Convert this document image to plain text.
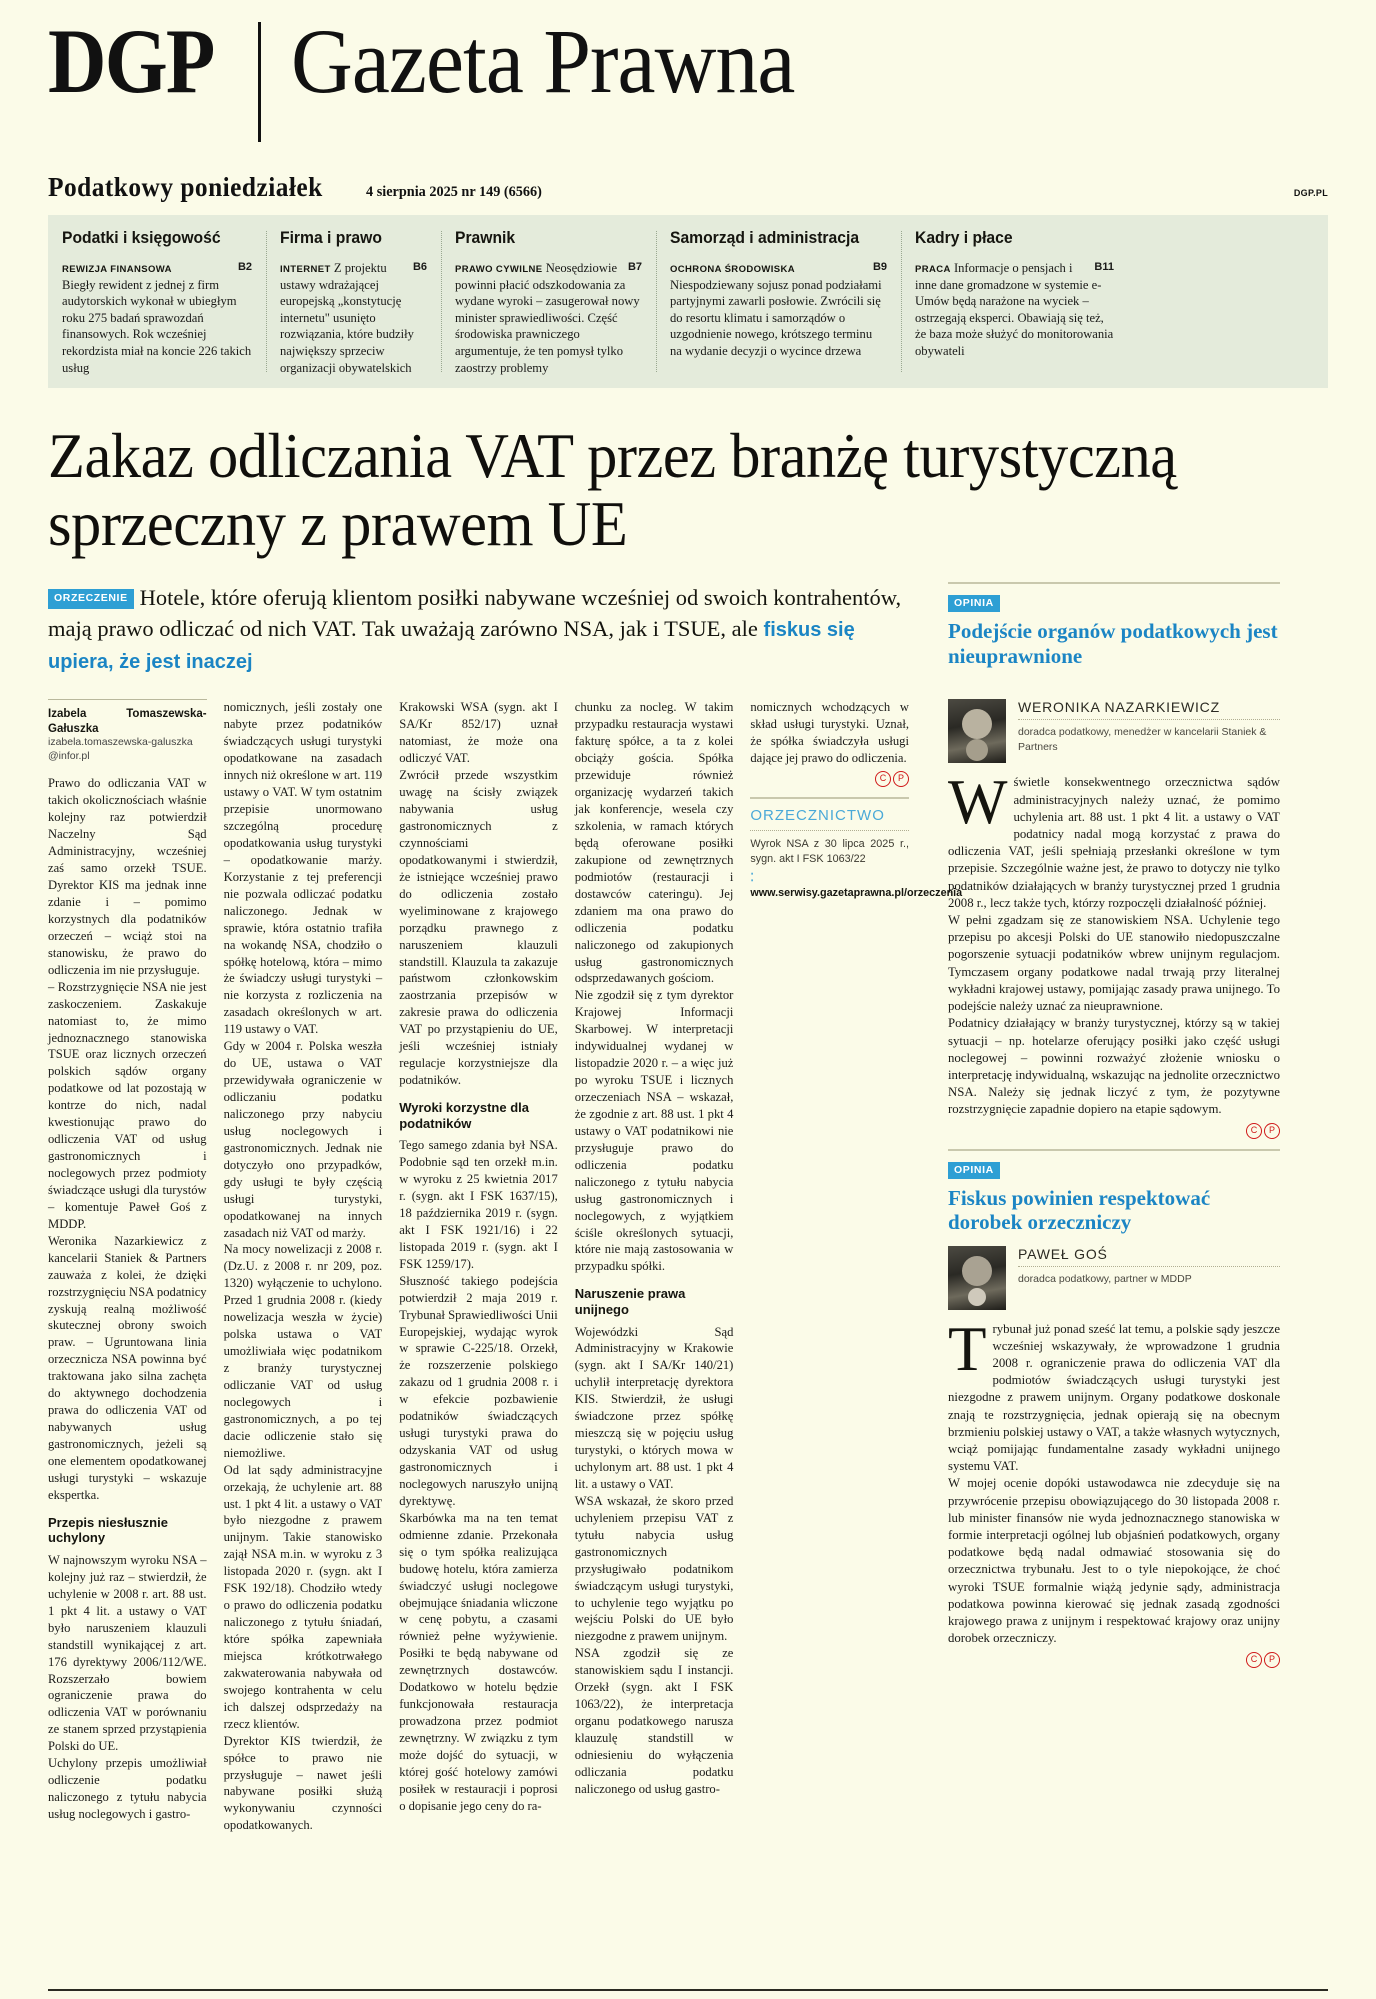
DGP Gazeta Prawna
Podatkowy poniedziałek	4 sierpnia 2025 nr 149 (6566)	DGP.PL
Podatki i księgowość
B2
REWIZJA FINANSOWA
Biegły rewident z jednej z firm audytorskich wykonał w ubiegłym roku 275 badań sprawozdań finansowych. Rok wcześniej rekordzista miał na koncie 226 takich usług
Firma i prawo
B6
INTERNET Z projektu ustawy wdrażającej europejską „konstytucję internetu" usunięto rozwiązania, które budziły największy sprzeciw organizacji obywatelskich
Prawnik
B7
PRAWO CYWILNE Neosędziowie powinni płacić odszkodowania za wydane wyroki – zasugerował nowy minister sprawiedliwości. Część środowiska prawniczego argumentuje, że ten pomysł tylko zaostrzy problemy
Samorząd i administracja
B9
OCHRONA ŚRODOWISKA Niespodziewany sojusz ponad podziałami partyjnymi zawarli posłowie. Zwrócili się do resortu klimatu i samorządów o uzgodnienie nowego, krótszego terminu na wydanie decyzji o wycince drzewa
Kadry i płace
B11
PRACA Informacje o pensjach i inne dane gromadzone w systemie e-Umów będą narażone na wyciek – ostrzegają eksperci. Obawiają się też, że baza może służyć do monitorowania obywateli
Zakaz odliczania VAT przez branżę turystyczną sprzeczny z prawem UE
ORZECZENIE Hotele, które oferują klientom posiłki nabywane wcześniej od swoich kontrahentów, mają prawo odliczać od nich VAT. Tak uważają zarówno NSA, jak i TSUE, ale fiskus się upiera, że jest inaczej
OPINIA
Podejście organów podatkowych jest nieuprawnione
Izabela Tomaszewska-Gałuszka
izabela.tomaszewska-galuszka @infor.pl

Prawo do odliczania VAT w takich okolicznościach właśnie kolejny raz potwierdził Naczelny Sąd Administracyjny, wcześniej zaś samo orzekł TSUE. Dyrektor KIS ma jednak inne zdanie i – pomimo korzystnych dla podatników orzeczeń – wciąż stoi na stanowisku, że prawo do odliczenia im nie przysługuje.

– Rozstrzygnięcie NSA nie jest zaskoczeniem. Zaskakuje natomiast to, że mimo jednoznacznego stanowiska TSUE oraz licznych orzeczeń polskich sądów organy podatkowe od lat pozostają w kontrze do nich, nadal kwestionując prawo do odliczenia VAT od usług gastronomicznych i noclegowych przez podmioty świadczące usługi dla turystów – komentuje Paweł Goś z MDDP.

Weronika Nazarkiewicz z kancelarii Staniek & Partners zauważa z kolei, że dzięki rozstrzygnięciu NSA podatnicy zyskują realną możliwość skutecznej obrony swoich praw. – Ugruntowana linia orzecznicza NSA powinna być traktowana jako silna zachęta do aktywnego dochodzenia prawa do odliczenia VAT od nabywanych usług gastronomicznych, jeżeli są one elementem opodatkowanej usługi turystyki – wskazuje ekspertka.

Przepis niesłusznie uchylony

W najnowszym wyroku NSA – kolejny już raz – stwierdził, że uchylenie w 2008 r. art. 88 ust. 1 pkt 4 lit. a ustawy o VAT było naruszeniem klauzuli standstill wynikającej z art. 176 dyrektywy 2006/112/WE. Rozszerzało bowiem ograniczenie prawa do odliczenia VAT w porównaniu ze stanem sprzed przystąpienia Polski do UE.

Uchylony przepis umożliwiał odliczenie podatku naliczonego z tytułu nabycia usług noclegowych i gastro-

nomicznych, jeśli zostały one nabyte przez podatników świadczących usługi turystyki opodatkowane na zasadach innych niż określone w art. 119 ustawy o VAT. W tym ostatnim przepisie unormowano szczególną procedurę opodatkowania usług turystyki – opodatkowanie marży. Korzystanie z tej preferencji nie pozwala odliczać podatku naliczonego. Jednak w sprawie, która ostatnio trafiła na wokandę NSA, chodziło o spółkę hotelową, która – mimo że świadczy usługi turystyki – nie korzysta z rozliczenia na zasadach określonych w art. 119 ustawy o VAT.

Gdy w 2004 r. Polska weszła do UE, ustawa o VAT przewidywała ograniczenie w odliczaniu podatku naliczonego przy nabyciu usług noclegowych i gastronomicznych. Jednak nie dotyczyło ono przypadków, gdy usługi te były częścią usługi turystyki, opodatkowanej na innych zasadach niż VAT od marży.

Na mocy nowelizacji z 2008 r. (Dz.U. z 2008 r. nr 209, poz. 1320) wyłączenie to uchylono. Przed 1 grudnia 2008 r. (kiedy nowelizacja weszła w życie) polska ustawa o VAT umożliwiała więc podatnikom z branży turystycznej odliczanie VAT od usług noclegowych i gastronomicznych, a po tej dacie odliczenie stało się niemożliwe.

Od lat sądy administracyjne orzekają, że uchylenie art. 88 ust. 1 pkt 4 lit. a ustawy o VAT było niezgodne z prawem unijnym. Takie stanowisko zajął NSA m.in. w wyroku z 3 listopada 2020 r. (sygn. akt I FSK 192/18). Chodziło wtedy o prawo do odliczenia podatku naliczonego z tytułu śniadań, które spółka zapewniała miejsca krótkotrwałego zakwaterowania nabywała od swojego kontrahenta w celu ich dalszej odsprzedaży na rzecz klientów.

Dyrektor KIS twierdził, że spółce to prawo nie przysługuje – nawet jeśli nabywane posiłki służą wykonywaniu czynności opodatkowanych.

Krakowski WSA (sygn. akt I SA/Kr 852/17) uznał natomiast, że może ona odliczyć VAT.

Zwrócił przede wszystkim uwagę na ścisły związek nabywania usług gastronomicznych z czynnościami opodatkowanymi i stwierdził, że istniejące wcześniej prawo do odliczenia zostało wyeliminowane z krajowego porządku prawnego z naruszeniem klauzuli standstill. Klauzula ta zakazuje państwom członkowskim zaostrzania przepisów w zakresie prawa do odliczenia VAT po przystąpieniu do UE, jeśli wcześniej istniały regulacje korzystniejsze dla podatników.

Wyroki korzystne dla podatników

Tego samego zdania był NSA. Podobnie sąd ten orzekł m.in. w wyroku z 25 kwietnia 2017 r. (sygn. akt I FSK 1637/15), 18 października 2019 r. (sygn. akt I FSK 1921/16) i 22 listopada 2019 r. (sygn. akt I FSK 1259/17).

Słuszność takiego podejścia potwierdził 2 maja 2019 r. Trybunał Sprawiedliwości Unii Europejskiej, wydając wyrok w sprawie C-225/18. Orzekł, że rozszerzenie polskiego zakazu od 1 grudnia 2008 r. i w efekcie pozbawienie podatników świadczących usługi turystyki prawa do odzyskania VAT od usług gastronomicznych i noclegowych naruszyło unijną dyrektywę.

Skarbówka ma na ten temat odmienne zdanie. Przekonała się o tym spółka realizująca budowę hotelu, która zamierza świadczyć usługi noclegowe obejmujące śniadania wliczone w cenę pobytu, a czasami również pełne wyżywienie. Posiłki te będą nabywane od zewnętrznych dostawców. Dodatkowo w hotelu będzie funkcjonowała restauracja prowadzona przez podmiot zewnętrzny. W związku z tym może dojść do sytuacji, w której gość hotelowy zamówi posiłek w restauracji i poprosi o dopisanie jego ceny do ra-

chunku za nocleg. W takim przypadku restauracja wystawi fakturę spółce, a ta z kolei obciąży gościa. Spółka przewiduje również organizację wydarzeń takich jak konferencje, wesela czy szkolenia, w ramach których będą oferowane posiłki zakupione od zewnętrznych podmiotów (restauracji i dostawców cateringu). Jej zdaniem ma ona prawo do odliczenia podatku naliczonego od zakupionych usług gastronomicznych odsprzedawanych gościom.

Nie zgodził się z tym dyrektor Krajowej Informacji Skarbowej. W interpretacji indywidualnej wydanej w listopadzie 2020 r. – a więc już po wyroku TSUE i licznych orzeczeniach NSA – wskazał, że zgodnie z art. 88 ust. 1 pkt 4 ustawy o VAT podatnikowi nie przysługuje prawo do odliczenia podatku naliczonego z tytułu nabycia usług gastronomicznych i noclegowych, z wyjątkiem ściśle określonych sytuacji, które nie mają zastosowania w przypadku spółki.

Naruszenie prawa unijnego

Wojewódzki Sąd Administracyjny w Krakowie (sygn. akt I SA/Kr 140/21) uchylił interpretację dyrektora KIS. Stwierdził, że usługi świadczone przez spółkę mieszczą się w pojęciu usług turystyki, o których mowa w uchylonym art. 88 ust. 1 pkt 4 lit. a ustawy o VAT.

WSA wskazał, że skoro przed uchyleniem przepisu VAT z tytułu nabycia usług gastronomicznych przysługiwało podatnikom świadczącym usługi turystyki, to uchylenie tego wyjątku po wejściu Polski do UE było niezgodne z prawem unijnym.

NSA zgodził się ze stanowiskiem sądu I instancji. Orzekł (sygn. akt I FSK 1063/22), że interpretacja organu podatkowego narusza klauzulę standstill w odniesieniu do wyłączenia odliczania podatku naliczonego od usług gastro-

nomicznych wchodzących w skład usługi turystyki. Uznał, że spółka świadczyła usługi dające jej prawo do odliczenia.

C P
ORZECZNICTWO
Wyrok NSA z 30 lipca 2025 r., sygn. akt I FSK 1063/22
⁚ www.serwisy.gazetaprawna.pl/orzeczenia
WERONIKA NAZARKIEWICZ
doradca podatkowy, menedżer w kancelarii Staniek & Partners

Wświetle konsekwentnego orzecznictwa sądów administracyjnych należy uznać, że pomimo uchylenia art. 88 ust. 1 pkt 4 lit. a ustawy o VAT podatnicy nadal mogą korzystać z prawa do odliczenia VAT, jeśli spełniają przesłanki określone w tym przepisie. Szczególnie ważne jest, że prawo to dotyczy nie tylko podatników działających w branży turystycznej przed 1 grudnia 2008 r., lecz także tych, którzy rozpoczęli działalność później.

W pełni zgadzam się ze stanowiskiem NSA. Uchylenie tego przepisu po akcesji Polski do UE stanowiło niedopuszczalne pogorszenie sytuacji podatników wbrew unijnym regulacjom. Tymczasem organy podatkowe nadal trwają przy literalnej wykładni krajowej ustawy, pomijając zasady prawa unijnego. To podejście należy uznać za nieuprawnione.

Podatnicy działający w branży turystycznej, którzy są w takiej sytuacji – np. hotelarze oferujący posiłki jako część usługi noclegowej – powinni rozważyć złożenie wniosku o interpretację indywidualną, wskazując na jednolite orzecznictwo NSA. Należy się jednak liczyć z tym, że pozytywne rozstrzygnięcie zapadnie dopiero na etapie sądowym.

C P
OPINIA
Fiskus powinien respektować dorobek orzeczniczy
PAWEŁ GOŚ
doradca podatkowy, partner w MDDP

Trybunał już ponad sześć lat temu, a polskie sądy jeszcze wcześniej wskazywały, że wprowadzone 1 grudnia 2008 r. ograniczenie prawa do odliczenia VAT dla podmiotów świadczących usługi turystyki jest niezgodne z prawem unijnym. Organy podatkowe doskonale znają te rozstrzygnięcia, jednak opierają się na obecnym brzmieniu polskiej ustawy o VAT, a także własnych wytycznych, wciąż pomijając fundamentalne zasady wykładni unijnego systemu VAT.

W mojej ocenie dopóki ustawodawca nie zdecyduje się na przywrócenie przepisu obowiązującego do 30 listopada 2008 r. lub minister finansów nie wyda jednoznacznego stanowiska w formie interpretacji ogólnej lub objaśnień podatkowych, organy podatkowe będą nadal odmawiać stosowania się do orzecznictwa trybunału. Jest to o tyle niepokojące, że choć wyroki TSUE formalnie wiążą jedynie sądy, administracja podatkowa powinna kierować się jednak zasadą zgodności krajowego prawa z unijnym i respektować krajowy oraz unijny dorobek orzeczniczy.

C P
